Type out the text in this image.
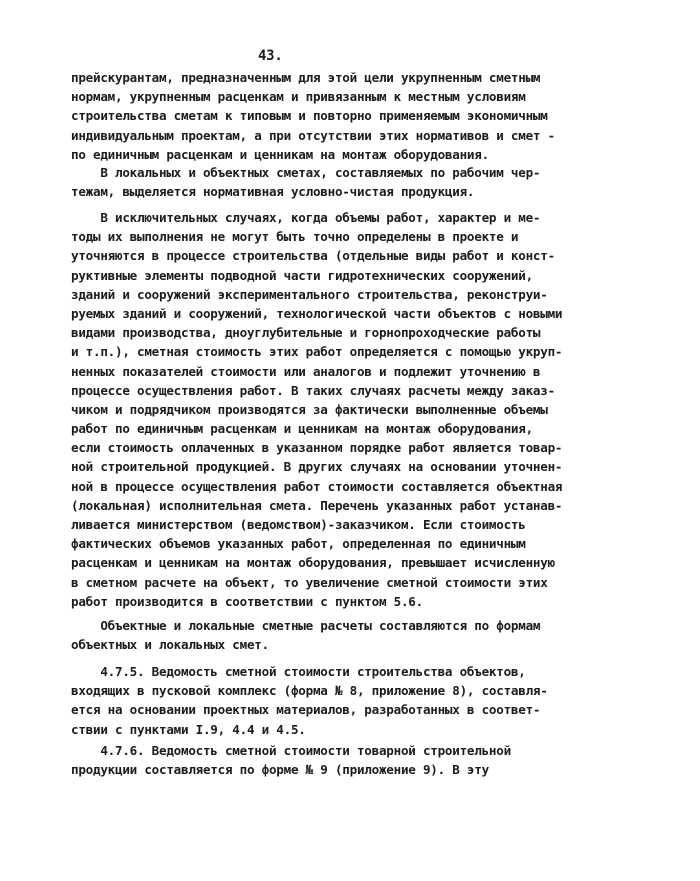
43.
прейскурантам, предназначенным для этой цели укрупненным сметным
нормам, укрупненным расценкам и привязанным к местным условиям
строительства сметам к типовым и повторно применяемым экономичным
индивидуальным проектам, а при отсутствии этих нормативов и смет -
по единичным расценкам и ценникам на монтаж оборудования.
В локальных и объектных сметах, составляемых по рабочим чер-
тежам, выделяется нормативная условно-чистая продукция.
В исключительных случаях, когда объемы работ, характер и ме-
тоды их выполнения не могут быть точно определены в проекте и
уточняются в процессе строительства (отдельные виды работ и конст-
руктивные элементы подводной части гидротехнических сооружений,
зданий и сооружений экспериментального строительства, реконструи-
руемых зданий и сооружений, технологической части объектов с новыми
видами производства, дноуглубительные и горнопроходческие работы
и т.п.), сметная стоимость этих работ определяется с помощью укруп-
ненных показателей стоимости или аналогов и подлежит уточнению в
процессе осуществления работ. В таких случаях расчеты между заказ-
чиком и подрядчиком производятся за фактически выполненные объемы
работ по единичным расценкам и ценникам на монтаж оборудования,
если стоимость оплаченных в указанном порядке работ является товар-
ной строительной продукцией. В других случаях на основании уточнен-
ной в процессе осуществления работ стоимости составляется объектная
(локальная) исполнительная смета. Перечень указанных работ устанав-
ливается министерством (ведомством)-заказчиком. Если стоимость
фактических объемов указанных работ, определенная по единичным
расценкам и ценникам на монтаж оборудования, превышает исчисленную
в сметном расчете на объект, то увеличение сметной стоимости этих
работ производится в соответствии с пунктом 5.6.
Объектные и локальные сметные расчеты составляются по формам
объектных и локальных смет.
4.7.5. Ведомость сметной стоимости строительства объектов,
входящих в пусковой комплекс (форма № 8, приложение 8), составля-
ется на основании проектных материалов, разработанных в соответ-
ствии с пунктами I.9, 4.4 и 4.5.
4.7.6. Ведомость сметной стоимости товарной строительной
продукции составляется по форме № 9 (приложение 9). В эту
